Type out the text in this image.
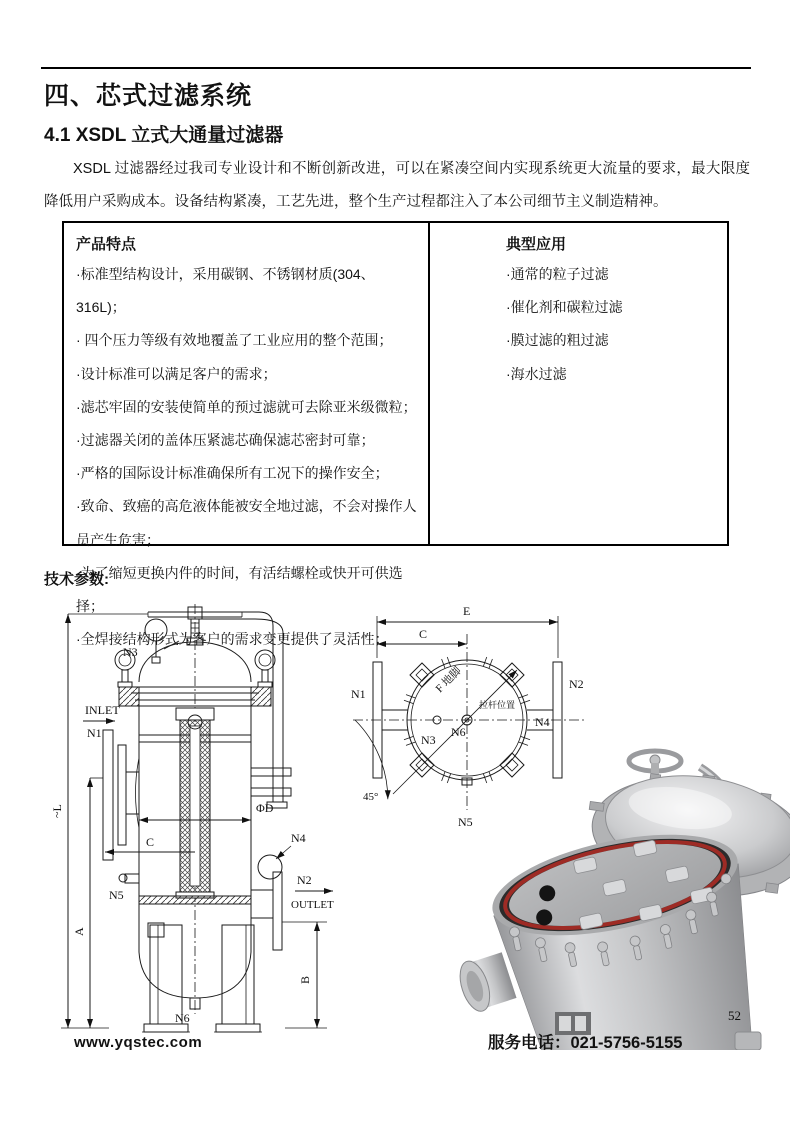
四、芯式过滤系统
4.1 XSDL 立式大通量过滤器
XSDL 过滤器经过我司专业设计和不断创新改进，可以在紧凑空间内实现系统更大流量的要求，最大限度降低用户采购成本。设备结构紧凑，工艺先进，整个生产过程都注入了本公司细节主义制造精神。
产品特点
·标准型结构设计，采用碳钢、不锈钢材质(304、316L)；
· 四个压力等级有效地覆盖了工业应用的整个范围；
·设计标准可以满足客户的需求；
·滤芯牢固的安装使简单的预过滤就可去除亚米级微粒；
·过滤器关闭的盖体压紧滤芯确保滤芯密封可靠；
·严格的国际设计标准确保所有工况下的操作安全；
·致命、致癌的高危液体能被安全地过滤，不会对操作人员产生危害；
·为了缩短更换内件的时间，有活结螺栓或快开可供选择；
·全焊接结构形式为客户的需求变更提供了灵活性；
典型应用
·通常的粒子过滤
·催化剂和碳粒过滤
·膜过滤的粗过滤
·海水过滤
技术参数:
N3
INLET
N1
ΦD
C
N5
N4
N2
OUTLET
N6
~L
A
B
E
C
45°
F 地脚
拉杆位置
N1
N2
N3
N4
N5
N6
52
www.yqstec.com	服务电话：021-5756-5155
